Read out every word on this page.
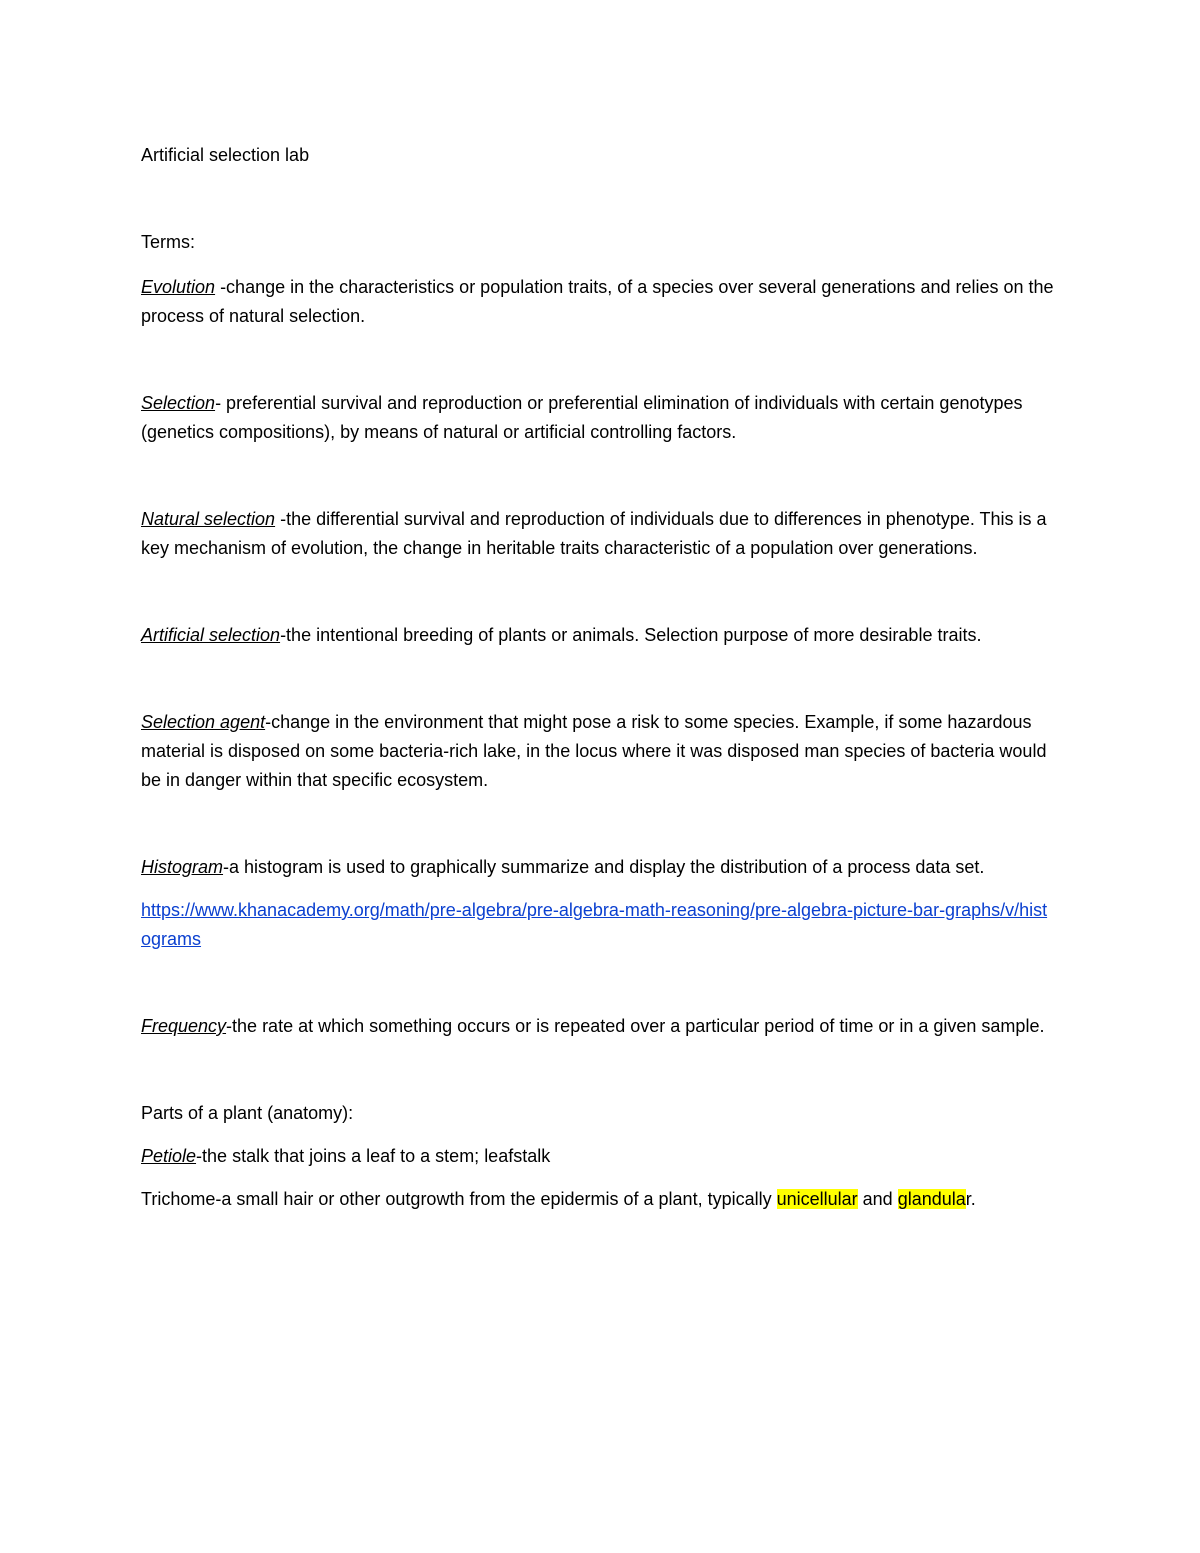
Artificial selection lab

Terms:

Evolution -change in the characteristics or population traits, of a species over several generations and relies on the process of natural selection.

Selection- preferential survival and reproduction or preferential elimination of individuals with certain genotypes (genetics compositions), by means of natural or artificial controlling factors.

Natural selection -the differential survival and reproduction of individuals due to differences in phenotype. This is a key mechanism of evolution, the change in heritable traits characteristic of a population over generations.

Artificial selection-the intentional breeding of plants or animals. Selection purpose of more desirable traits.

Selection agent-change in the environment that might pose a risk to some species. Example, if some hazardous material is disposed on some bacteria-rich lake, in the locus where it was disposed man species of bacteria would be in danger within that specific ecosystem.

Histogram-a histogram is used to graphically summarize and display the distribution of a process data set.

https://www.khanacademy.org/math/pre-algebra/pre-algebra-math-reasoning/pre-algebra-picture-bar-graphs/v/histograms

Frequency-the rate at which something occurs or is repeated over a particular period of time or in a given sample.

Parts of a plant (anatomy):

Petiole-the stalk that joins a leaf to a stem; leafstalk

Trichome-a small hair or other outgrowth from the epidermis of a plant, typically unicellular and glandular.
